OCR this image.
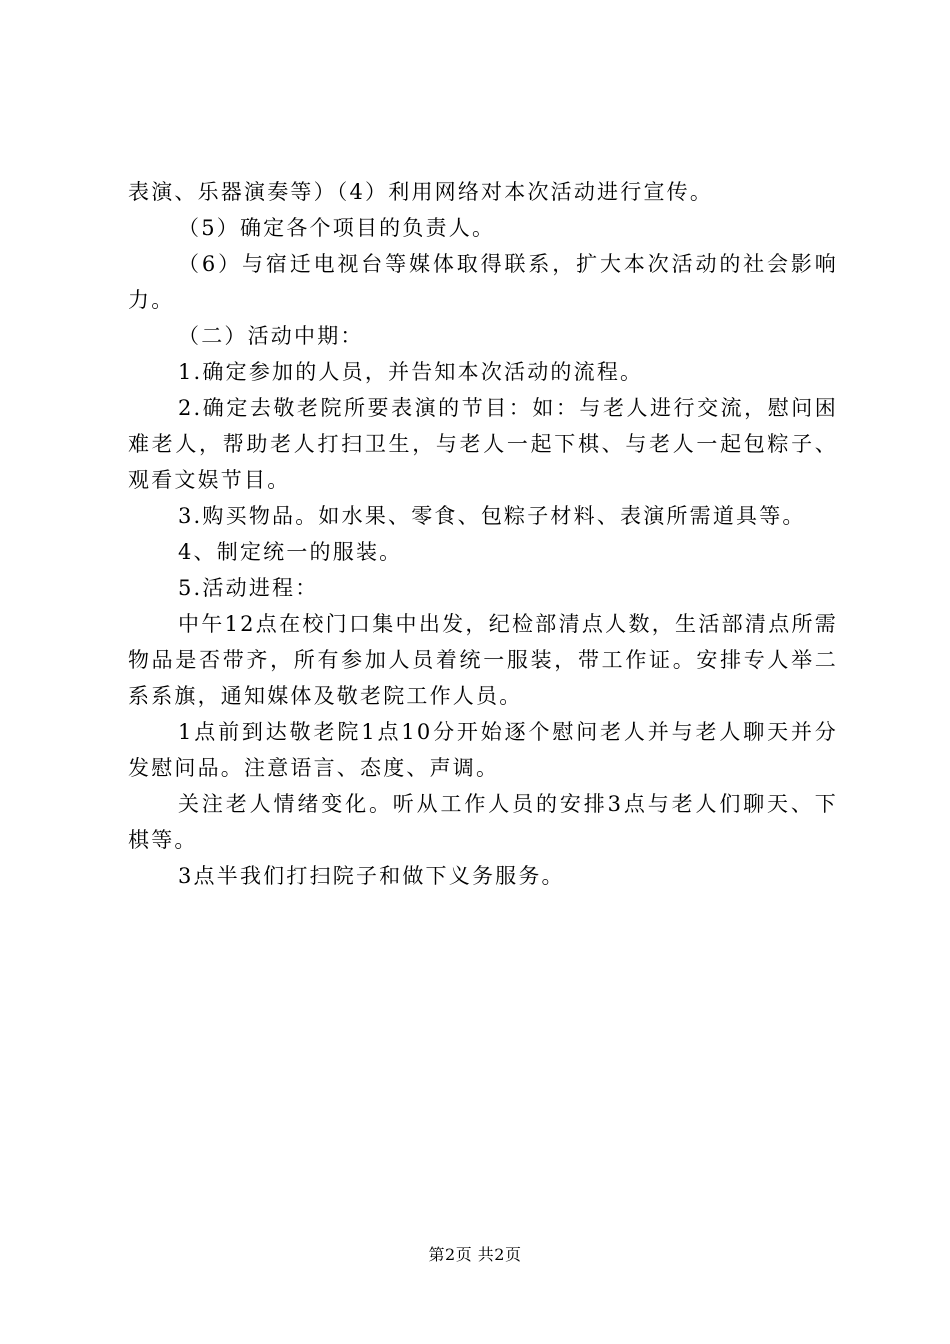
表演、乐器演奏等）（4）利用网络对本次活动进行宣传。

（5）确定各个项目的负责人。

（6）与宿迁电视台等媒体取得联系，扩大本次活动的社会影响力。

（二）活动中期：

1.确定参加的人员，并告知本次活动的流程。

2.确定去敬老院所要表演的节目：如：与老人进行交流，慰问困难老人，帮助老人打扫卫生，与老人一起下棋、与老人一起包粽子、观看文娱节目。

3.购买物品。如水果、零食、包粽子材料、表演所需道具等。

4、制定统一的服装。

5.活动进程：

中午12点在校门口集中出发，纪检部清点人数，生活部清点所需物品是否带齐，所有参加人员着统一服装，带工作证。安排专人举二系系旗，通知媒体及敬老院工作人员。

1点前到达敬老院1点10分开始逐个慰问老人并与老人聊天并分发慰问品。注意语言、态度、声调。

关注老人情绪变化。听从工作人员的安排3点与老人们聊天、下棋等。

3点半我们打扫院子和做下义务服务。

第2页 共2页
